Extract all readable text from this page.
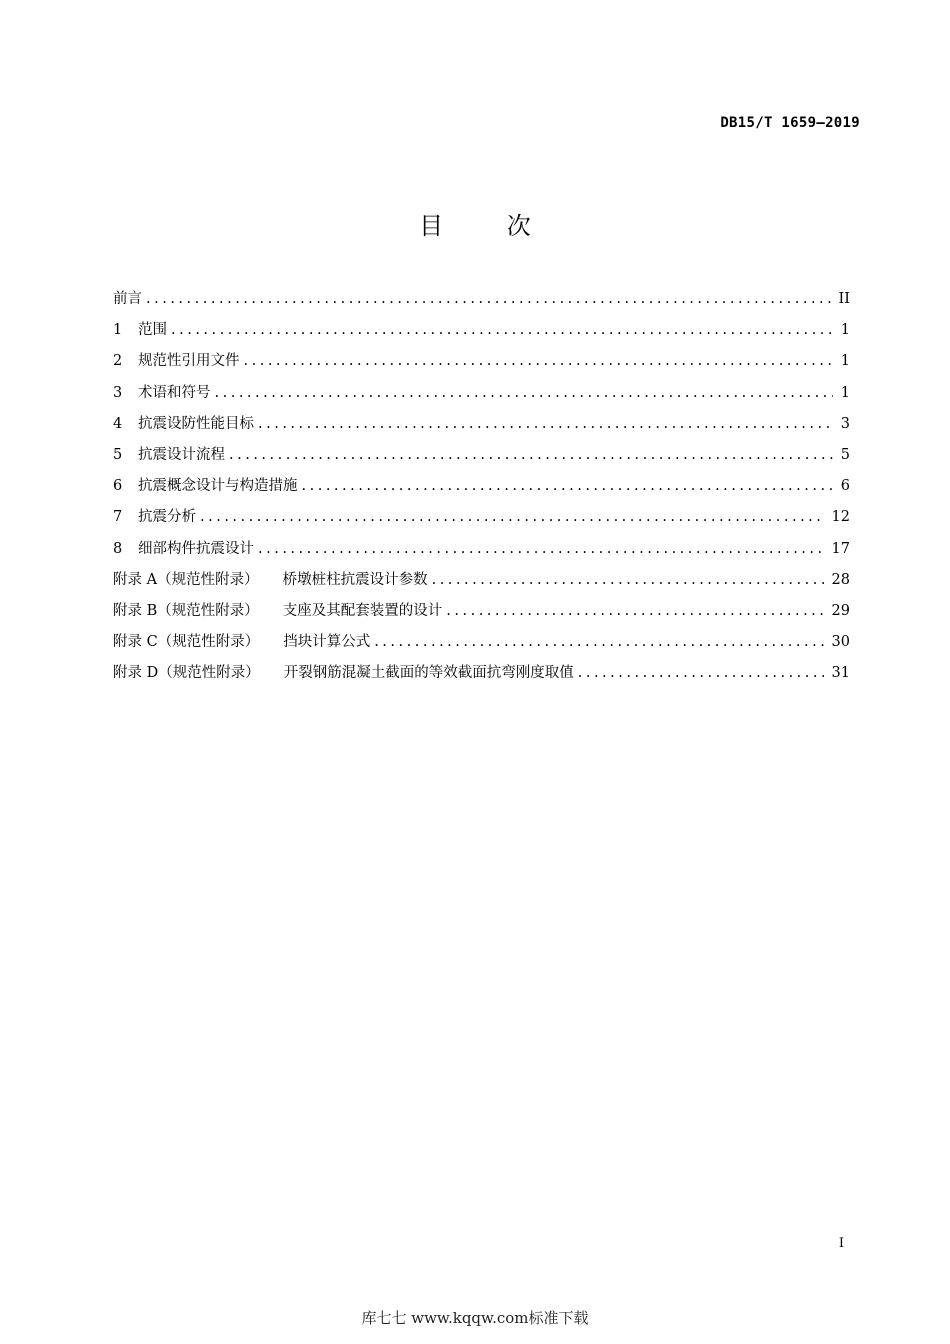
DB15/T 1659—2019
目 次
前言 .....	II
1	范围 .....	1
2	规范性引用文件 .....	1
3	术语和符号 .....	1
4	抗震设防性能目标 .....	3
5	抗震设计流程 .....	5
6	抗震概念设计与构造措施 .....	6
7	抗震分析 .....	12
8	细部构件抗震设计 .....	17
附录 A（规范性附录） 桥墩桩柱抗震设计参数 .....	28
附录 B（规范性附录） 支座及其配套装置的设计 .....	29
附录 C（规范性附录） 挡块计算公式 .....	30
附录 D（规范性附录） 开裂钢筋混凝土截面的等效截面抗弯刚度取值 .....	31
I
库七七 www.kqqw.com标准下载
